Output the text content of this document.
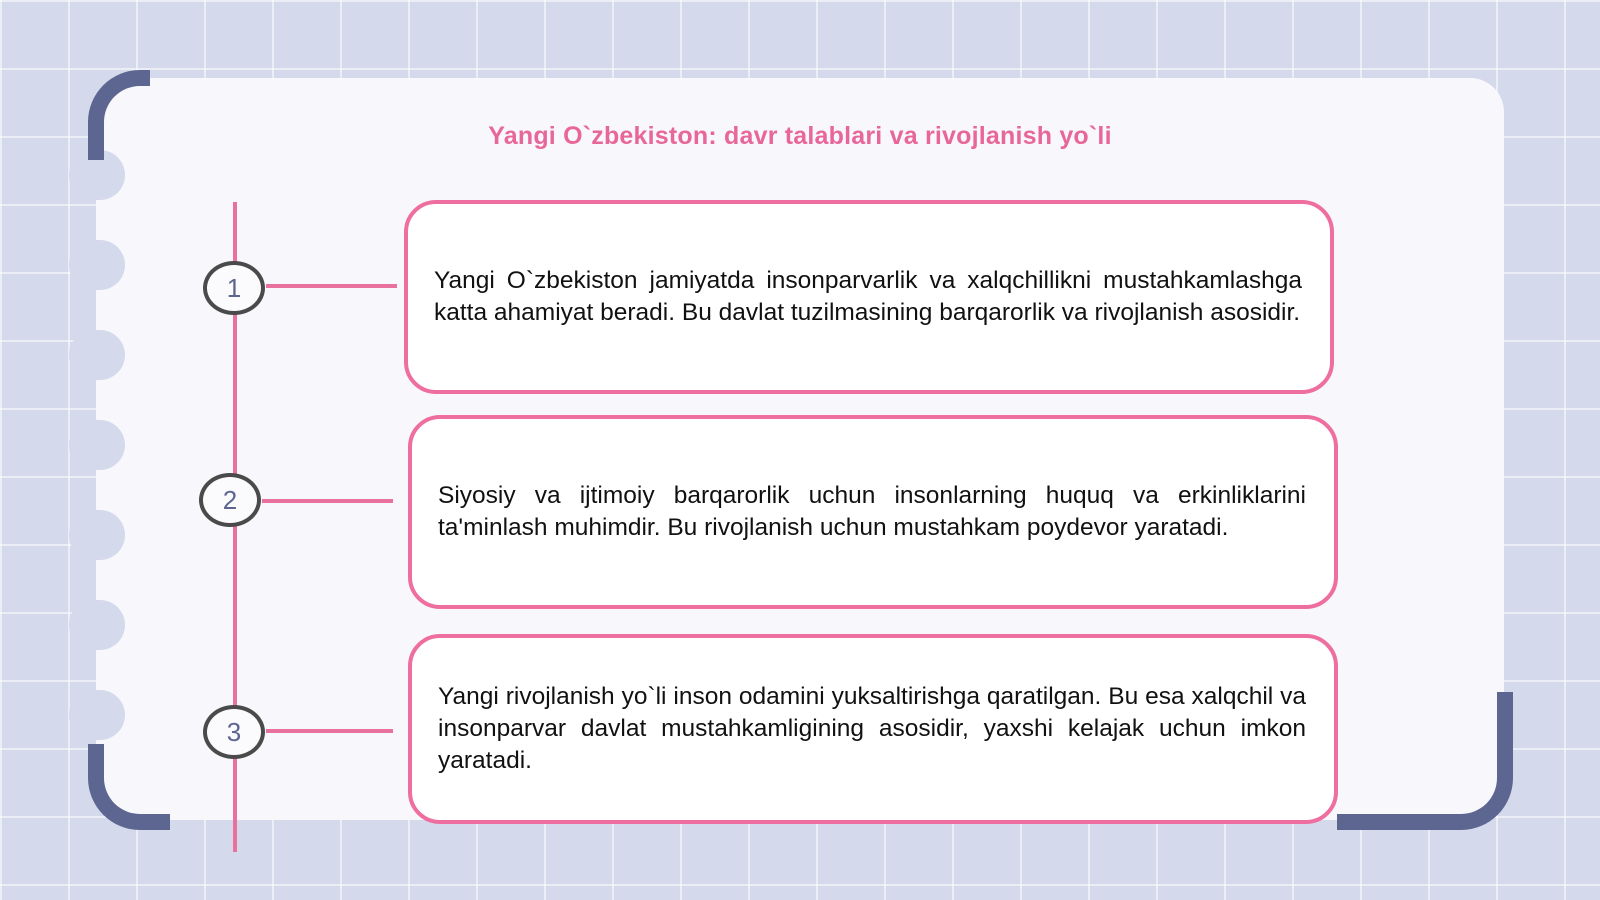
Yangi O`zbekiston: davr talablari va rivojlanish yo`li
1
2
3
Yangi O`zbekiston jamiyatda insonparvarlik va xalqchillikni mustahkamlashga katta ahamiyat beradi. Bu davlat tuzilmasining barqarorlik va rivojlanish asosidir.
Siyosiy va ijtimoiy barqarorlik uchun insonlarning huquq va erkinliklarini ta'minlash muhimdir. Bu rivojlanish uchun mustahkam poydevor yaratadi.
Yangi rivojlanish yo`li inson odamini yuksaltirishga qaratilgan. Bu esa xalqchil va insonparvar davlat mustahkamligining asosidir, yaxshi kelajak uchun imkon yaratadi.
